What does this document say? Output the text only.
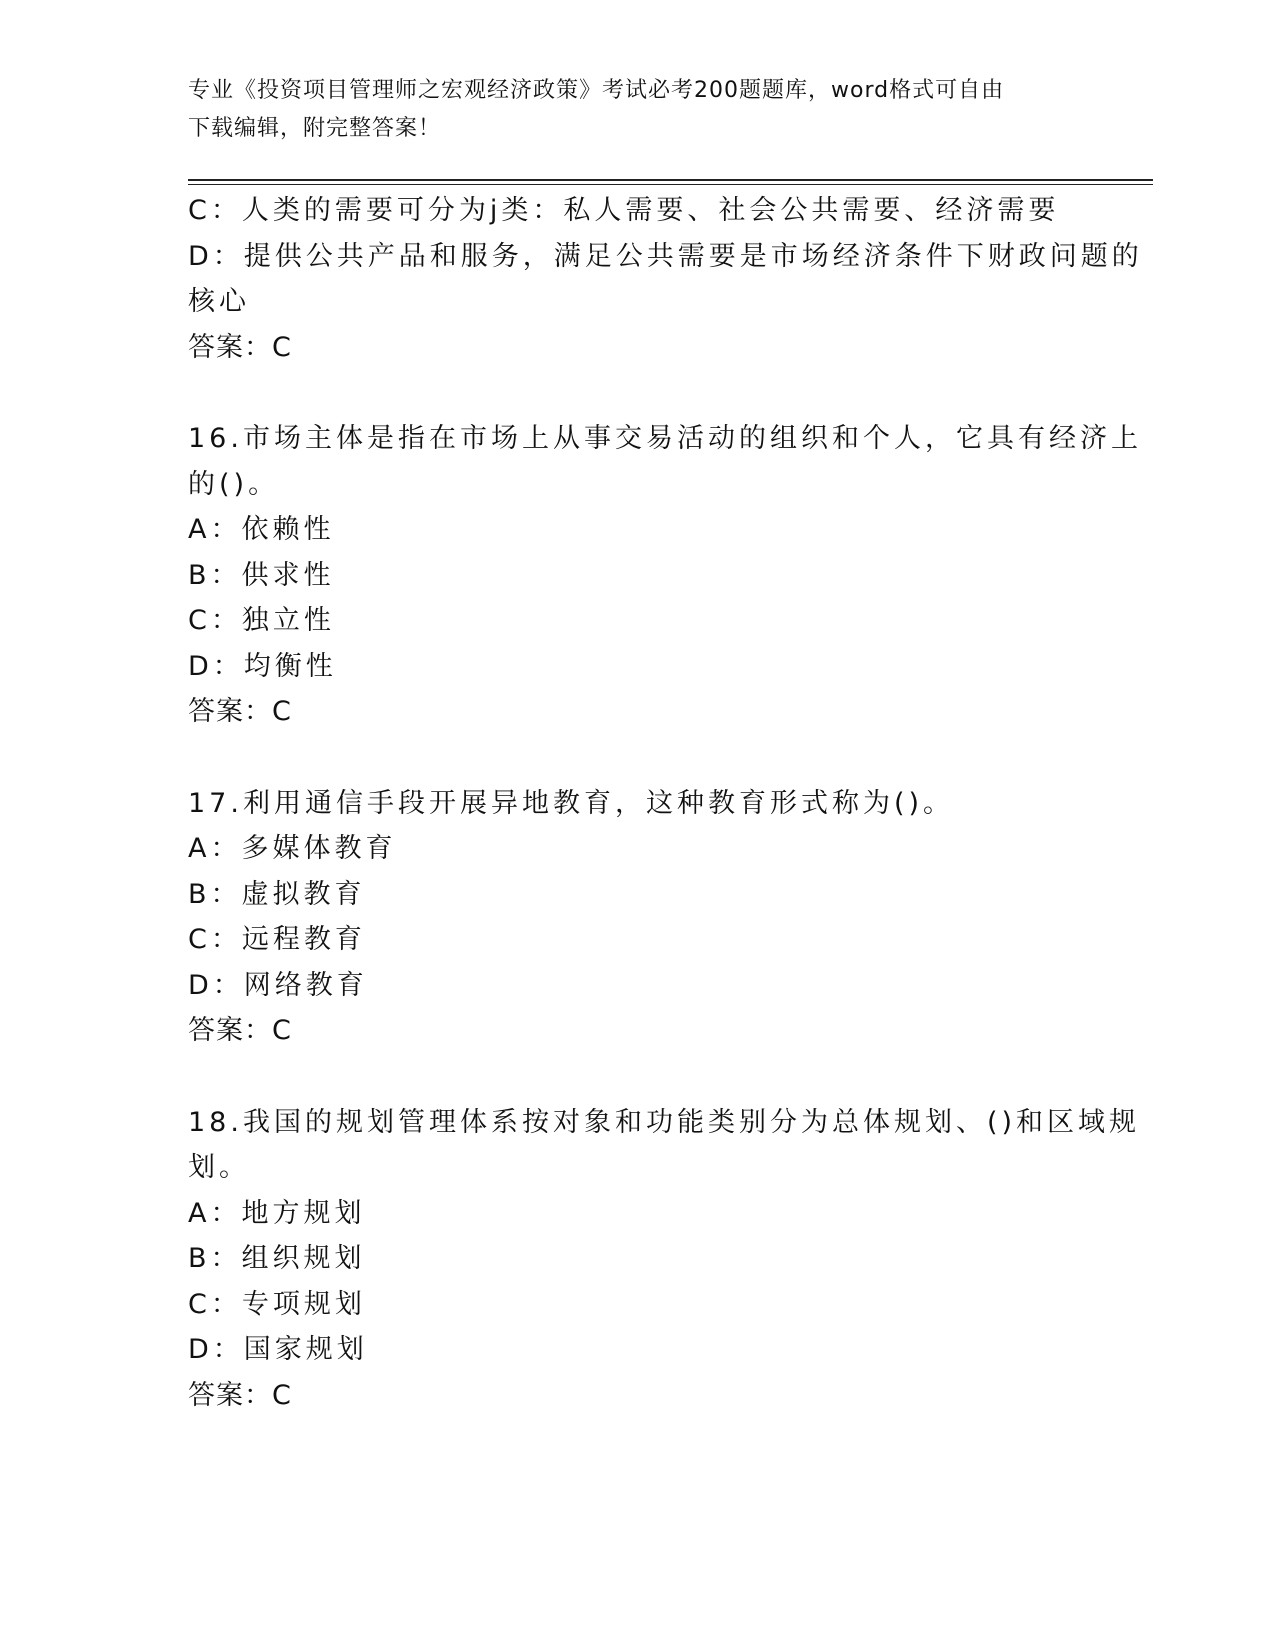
专业《投资项目管理师之宏观经济政策》考试必考200题题库，word格式可自由
下载编辑，附完整答案！
C：人类的需要可分为j类：私人需要、社会公共需要、经济需要
D：提供公共产品和服务，满足公共需要是市场经济条件下财政问题的
核心
答案：C
16.市场主体是指在市场上从事交易活动的组织和个人，它具有经济上
的()。
A：依赖性
B：供求性
C：独立性
D：均衡性
答案：C
17.利用通信手段开展异地教育，这种教育形式称为()。
A：多媒体教育
B：虚拟教育
C：远程教育
D：网络教育
答案：C
18.我国的规划管理体系按对象和功能类别分为总体规划、()和区域规
划。
A：地方规划
B：组织规划
C：专项规划
D：国家规划
答案：C
